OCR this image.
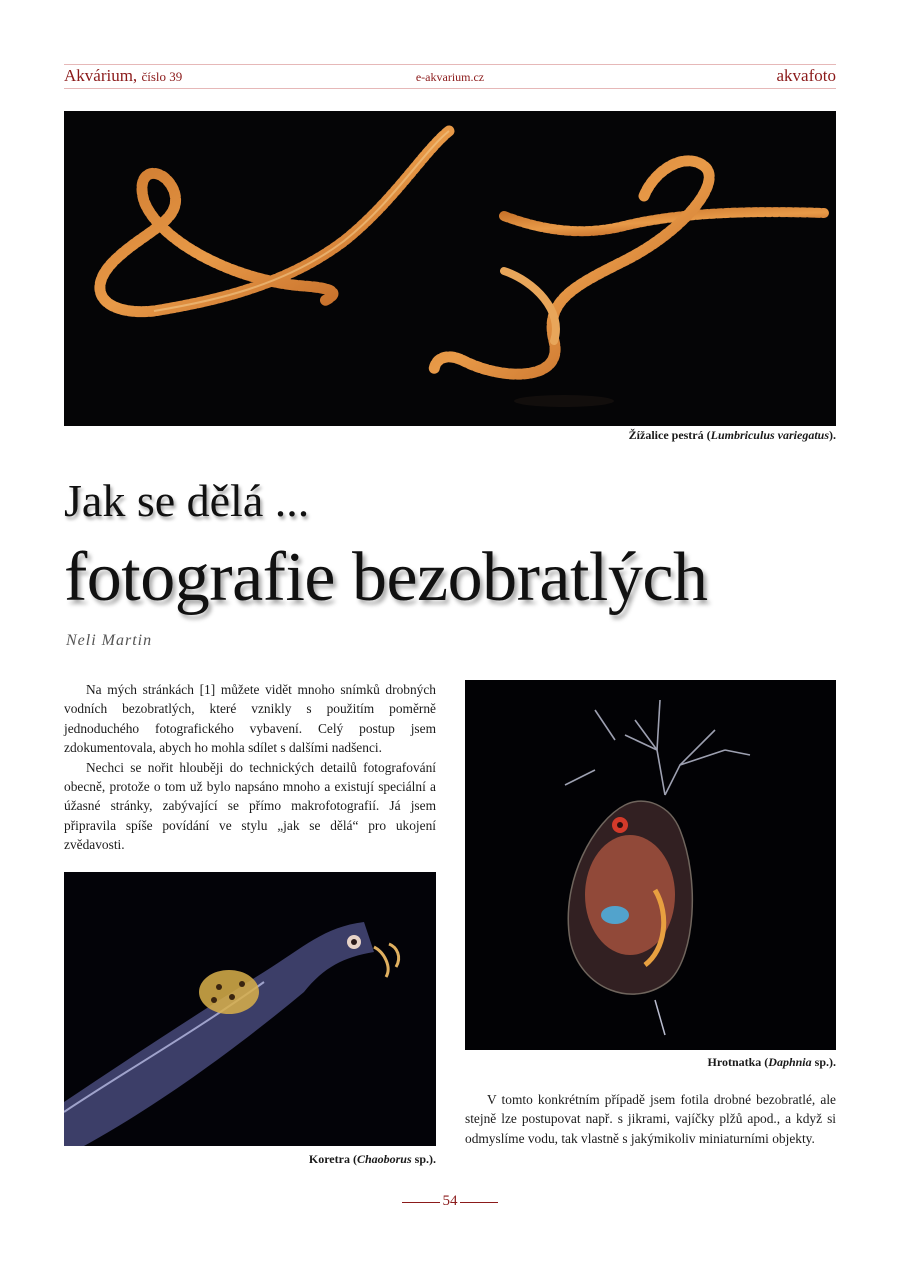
Akvárium, číslo 39	e-akvarium.cz	akvafoto
Žížalice pestrá (Lumbriculus variegatus).
Jak se dělá ...
fotografie bezobratlých
Neli Martin

Na mých stránkách [1] můžete vidět mnoho snímků drobných vodních bezobratlých, které vznikly s použitím poměrně jednoduchého fotografického vybavení. Celý postup jsem zdokumentovala, abych ho mohla sdílet s dalšími nadšenci.

Nechci se nořit hlouběji do technických detailů fotografování obecně, protože o tom už bylo napsáno mnoho a existují speciální a úžasné stránky, zabývající se přímo makrofotografií. Já jsem připravila spíše povídání ve stylu „jak se dělá“ pro ukojení zvědavosti.

Koretra (Chaoborus sp.).
Hrotnatka (Daphnia sp.).

V tomto konkrétním případě jsem fotila drobné bezobratlé, ale stejně lze postupovat např. s jikrami, vajíčky plžů apod., a když si odmyslíme vodu, tak vlastně s jakýmikoliv miniaturními objekty.

54
